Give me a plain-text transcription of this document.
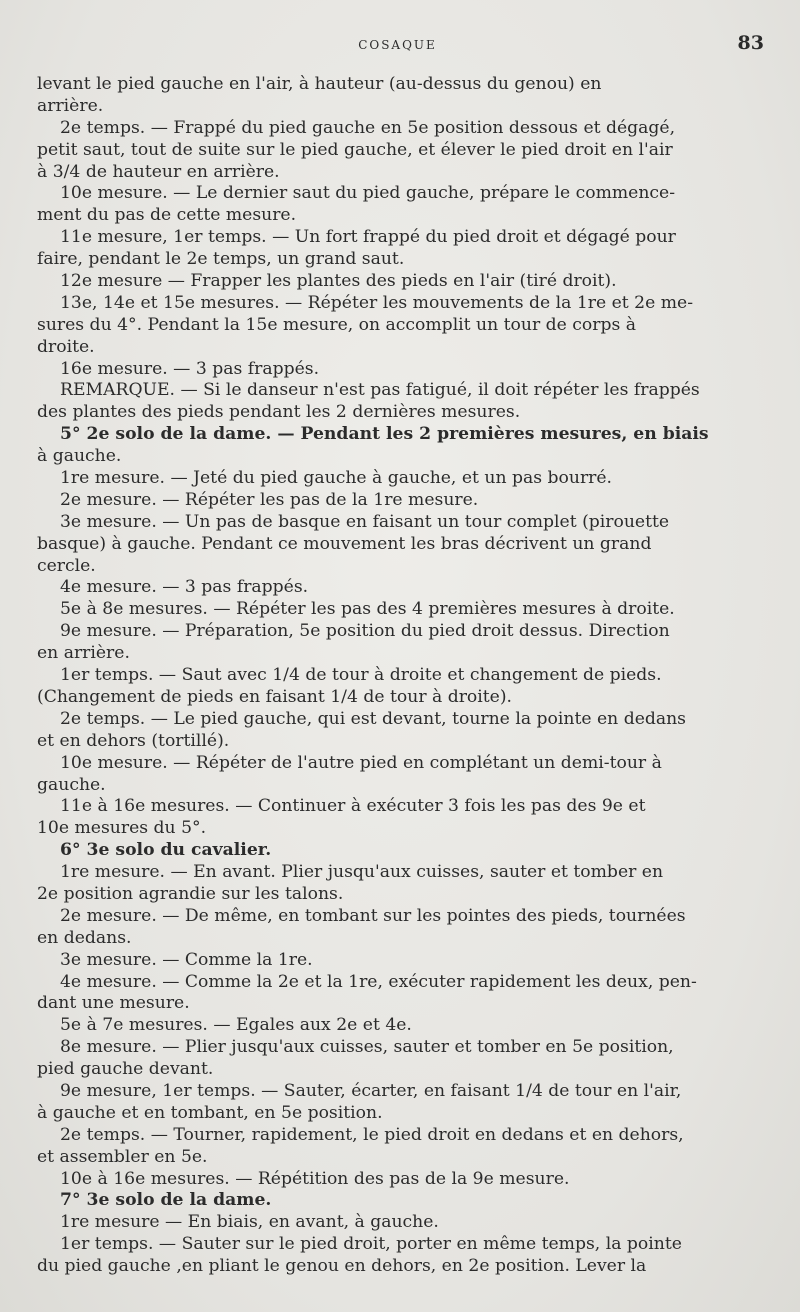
COSAQUE	83
levant le pied gauche en l'air, à hauteur (au-dessus du genou) en
arrière.
2e temps. — Frappé du pied gauche en 5e position dessous et dégagé,
petit saut, tout de suite sur le pied gauche, et élever le pied droit en l'air
à 3/4 de hauteur en arrière.
10e mesure. — Le dernier saut du pied gauche, prépare le commence-
ment du pas de cette mesure.
11e mesure, 1er temps. — Un fort frappé du pied droit et dégagé pour
faire, pendant le 2e temps, un grand saut.
12e mesure — Frapper les plantes des pieds en l'air (tiré droit).
13e, 14e et 15e mesures. — Répéter les mouvements de la 1re et 2e me-
sures du 4°. Pendant la 15e mesure, on accomplit un tour de corps à
droite.
16e mesure. — 3 pas frappés.
REMARQUE. — Si le danseur n'est pas fatigué, il doit répéter les frappés
des plantes des pieds pendant les 2 dernières mesures.
5° 2e solo de la dame. — Pendant les 2 premières mesures, en biais
à gauche.
1re mesure. — Jeté du pied gauche à gauche, et un pas bourré.
2e mesure. — Répéter les pas de la 1re mesure.
3e mesure. — Un pas de basque en faisant un tour complet (pirouette
basque) à gauche. Pendant ce mouvement les bras décrivent un grand
cercle.
4e mesure. — 3 pas frappés.
5e à 8e mesures. — Répéter les pas des 4 premières mesures à droite.
9e mesure. — Préparation, 5e position du pied droit dessus. Direction
en arrière.
1er temps. — Saut avec 1/4 de tour à droite et changement de pieds.
(Changement de pieds en faisant 1/4 de tour à droite).
2e temps. — Le pied gauche, qui est devant, tourne la pointe en dedans
et en dehors (tortillé).
10e mesure. — Répéter de l'autre pied en complétant un demi-tour à
gauche.
11e à 16e mesures. — Continuer à exécuter 3 fois les pas des 9e et
10e mesures du 5°.
6° 3e solo du cavalier.
1re mesure. — En avant. Plier jusqu'aux cuisses, sauter et tomber en
2e position agrandie sur les talons.
2e mesure. — De même, en tombant sur les pointes des pieds, tournées
en dedans.
3e mesure. — Comme la 1re.
4e mesure. — Comme la 2e et la 1re, exécuter rapidement les deux, pen-
dant une mesure.
5e à 7e mesures. — Egales aux 2e et 4e.
8e mesure. — Plier jusqu'aux cuisses, sauter et tomber en 5e position,
pied gauche devant.
9e mesure, 1er temps. — Sauter, écarter, en faisant 1/4 de tour en l'air,
à gauche et en tombant, en 5e position.
2e temps. — Tourner, rapidement, le pied droit en dedans et en dehors,
et assembler en 5e.
10e à 16e mesures. — Répétition des pas de la 9e mesure.
7° 3e solo de la dame.
1re mesure — En biais, en avant, à gauche.
1er temps. — Sauter sur le pied droit, porter en même temps, la pointe
du pied gauche ,en pliant le genou en dehors, en 2e position. Lever la
